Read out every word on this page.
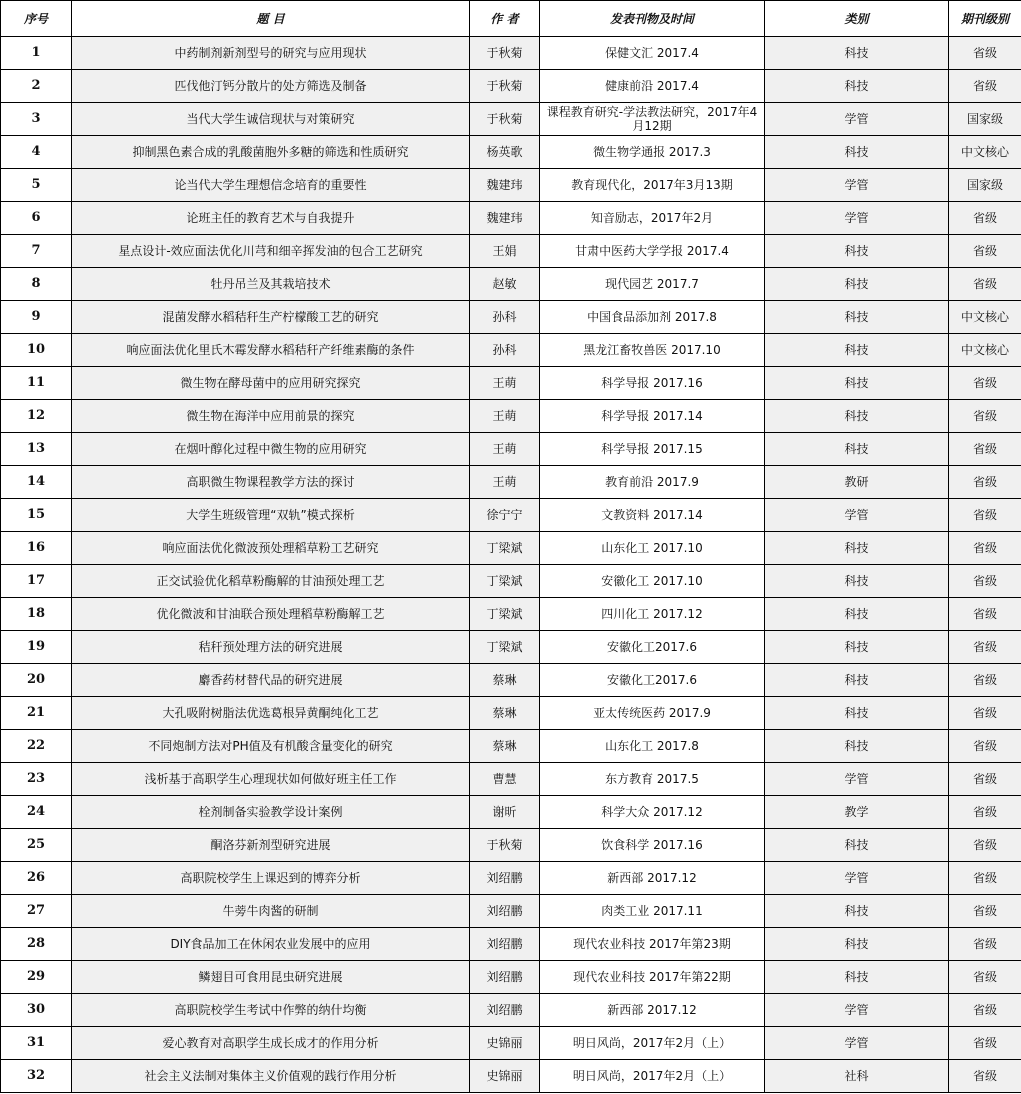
序号	题 目	作 者	发表刊物及时间	类别	期刊级别
1	中药制剂新剂型号的研究与应用现状	于秋菊	保健文汇 2017.4	科技	省级
2	匹伐他汀钙分散片的处方筛选及制备	于秋菊	健康前沿 2017.4	科技	省级
3	当代大学生诚信现状与对策研究	于秋菊	课程教育研究-学法教法研究，2017年4月12期	学管	国家级
4	抑制黑色素合成的乳酸菌胞外多糖的筛选和性质研究	杨英歌	微生物学通报 2017.3	科技	中文核心
5	论当代大学生理想信念培育的重要性	魏建玮	教育现代化，2017年3月13期	学管	国家级
6	论班主任的教育艺术与自我提升	魏建玮	知音励志，2017年2月	学管	省级
7	星点设计-效应面法优化川芎和细辛挥发油的包合工艺研究	王娟	甘肃中医药大学学报 2017.4	科技	省级
8	牡丹吊兰及其栽培技术	赵敏	现代园艺 2017.7	科技	省级
9	混菌发酵水稻秸秆生产柠檬酸工艺的研究	孙科	中国食品添加剂 2017.8	科技	中文核心
10	响应面法优化里氏木霉发酵水稻秸秆产纤维素酶的条件	孙科	黑龙江畜牧兽医 2017.10	科技	中文核心
11	微生物在酵母菌中的应用研究探究	王萌	科学导报 2017.16	科技	省级
12	微生物在海洋中应用前景的探究	王萌	科学导报 2017.14	科技	省级
13	在烟叶醇化过程中微生物的应用研究	王萌	科学导报 2017.15	科技	省级
14	高职微生物课程教学方法的探讨	王萌	教育前沿 2017.9	教研	省级
15	大学生班级管理“双轨”模式探析	徐宁宁	文教资料 2017.14	学管	省级
16	响应面法优化微波预处理稻草粉工艺研究	丁梁斌	山东化工 2017.10	科技	省级
17	正交试验优化稻草粉酶解的甘油预处理工艺	丁梁斌	安徽化工 2017.10	科技	省级
18	优化微波和甘油联合预处理稻草粉酶解工艺	丁梁斌	四川化工 2017.12	科技	省级
19	秸秆预处理方法的研究进展	丁梁斌	安徽化工2017.6	科技	省级
20	麝香药材替代品的研究进展	蔡琳	安徽化工2017.6	科技	省级
21	大孔吸附树脂法优选葛根异黄酮纯化工艺	蔡琳	亚太传统医药 2017.9	科技	省级
22	不同炮制方法对PH值及有机酸含量变化的研究	蔡琳	山东化工 2017.8	科技	省级
23	浅析基于高职学生心理现状如何做好班主任工作	曹慧	东方教育 2017.5	学管	省级
24	栓剂制备实验教学设计案例	谢昕	科学大众 2017.12	教学	省级
25	酮洛芬新剂型研究进展	于秋菊	饮食科学 2017.16	科技	省级
26	高职院校学生上课迟到的博弈分析	刘绍鹏	新西部 2017.12	学管	省级
27	牛蒡牛肉酱的研制	刘绍鹏	肉类工业 2017.11	科技	省级
28	DIY食品加工在休闲农业发展中的应用	刘绍鹏	现代农业科技 2017年第23期	科技	省级
29	鳞翅目可食用昆虫研究进展	刘绍鹏	现代农业科技 2017年第22期	科技	省级
30	高职院校学生考试中作弊的纳什均衡	刘绍鹏	新西部 2017.12	学管	省级
31	爱心教育对高职学生成长成才的作用分析	史锦丽	明日风尚，2017年2月（上）	学管	省级
32	社会主义法制对集体主义价值观的践行作用分析	史锦丽	明日风尚，2017年2月（上）	社科	省级
